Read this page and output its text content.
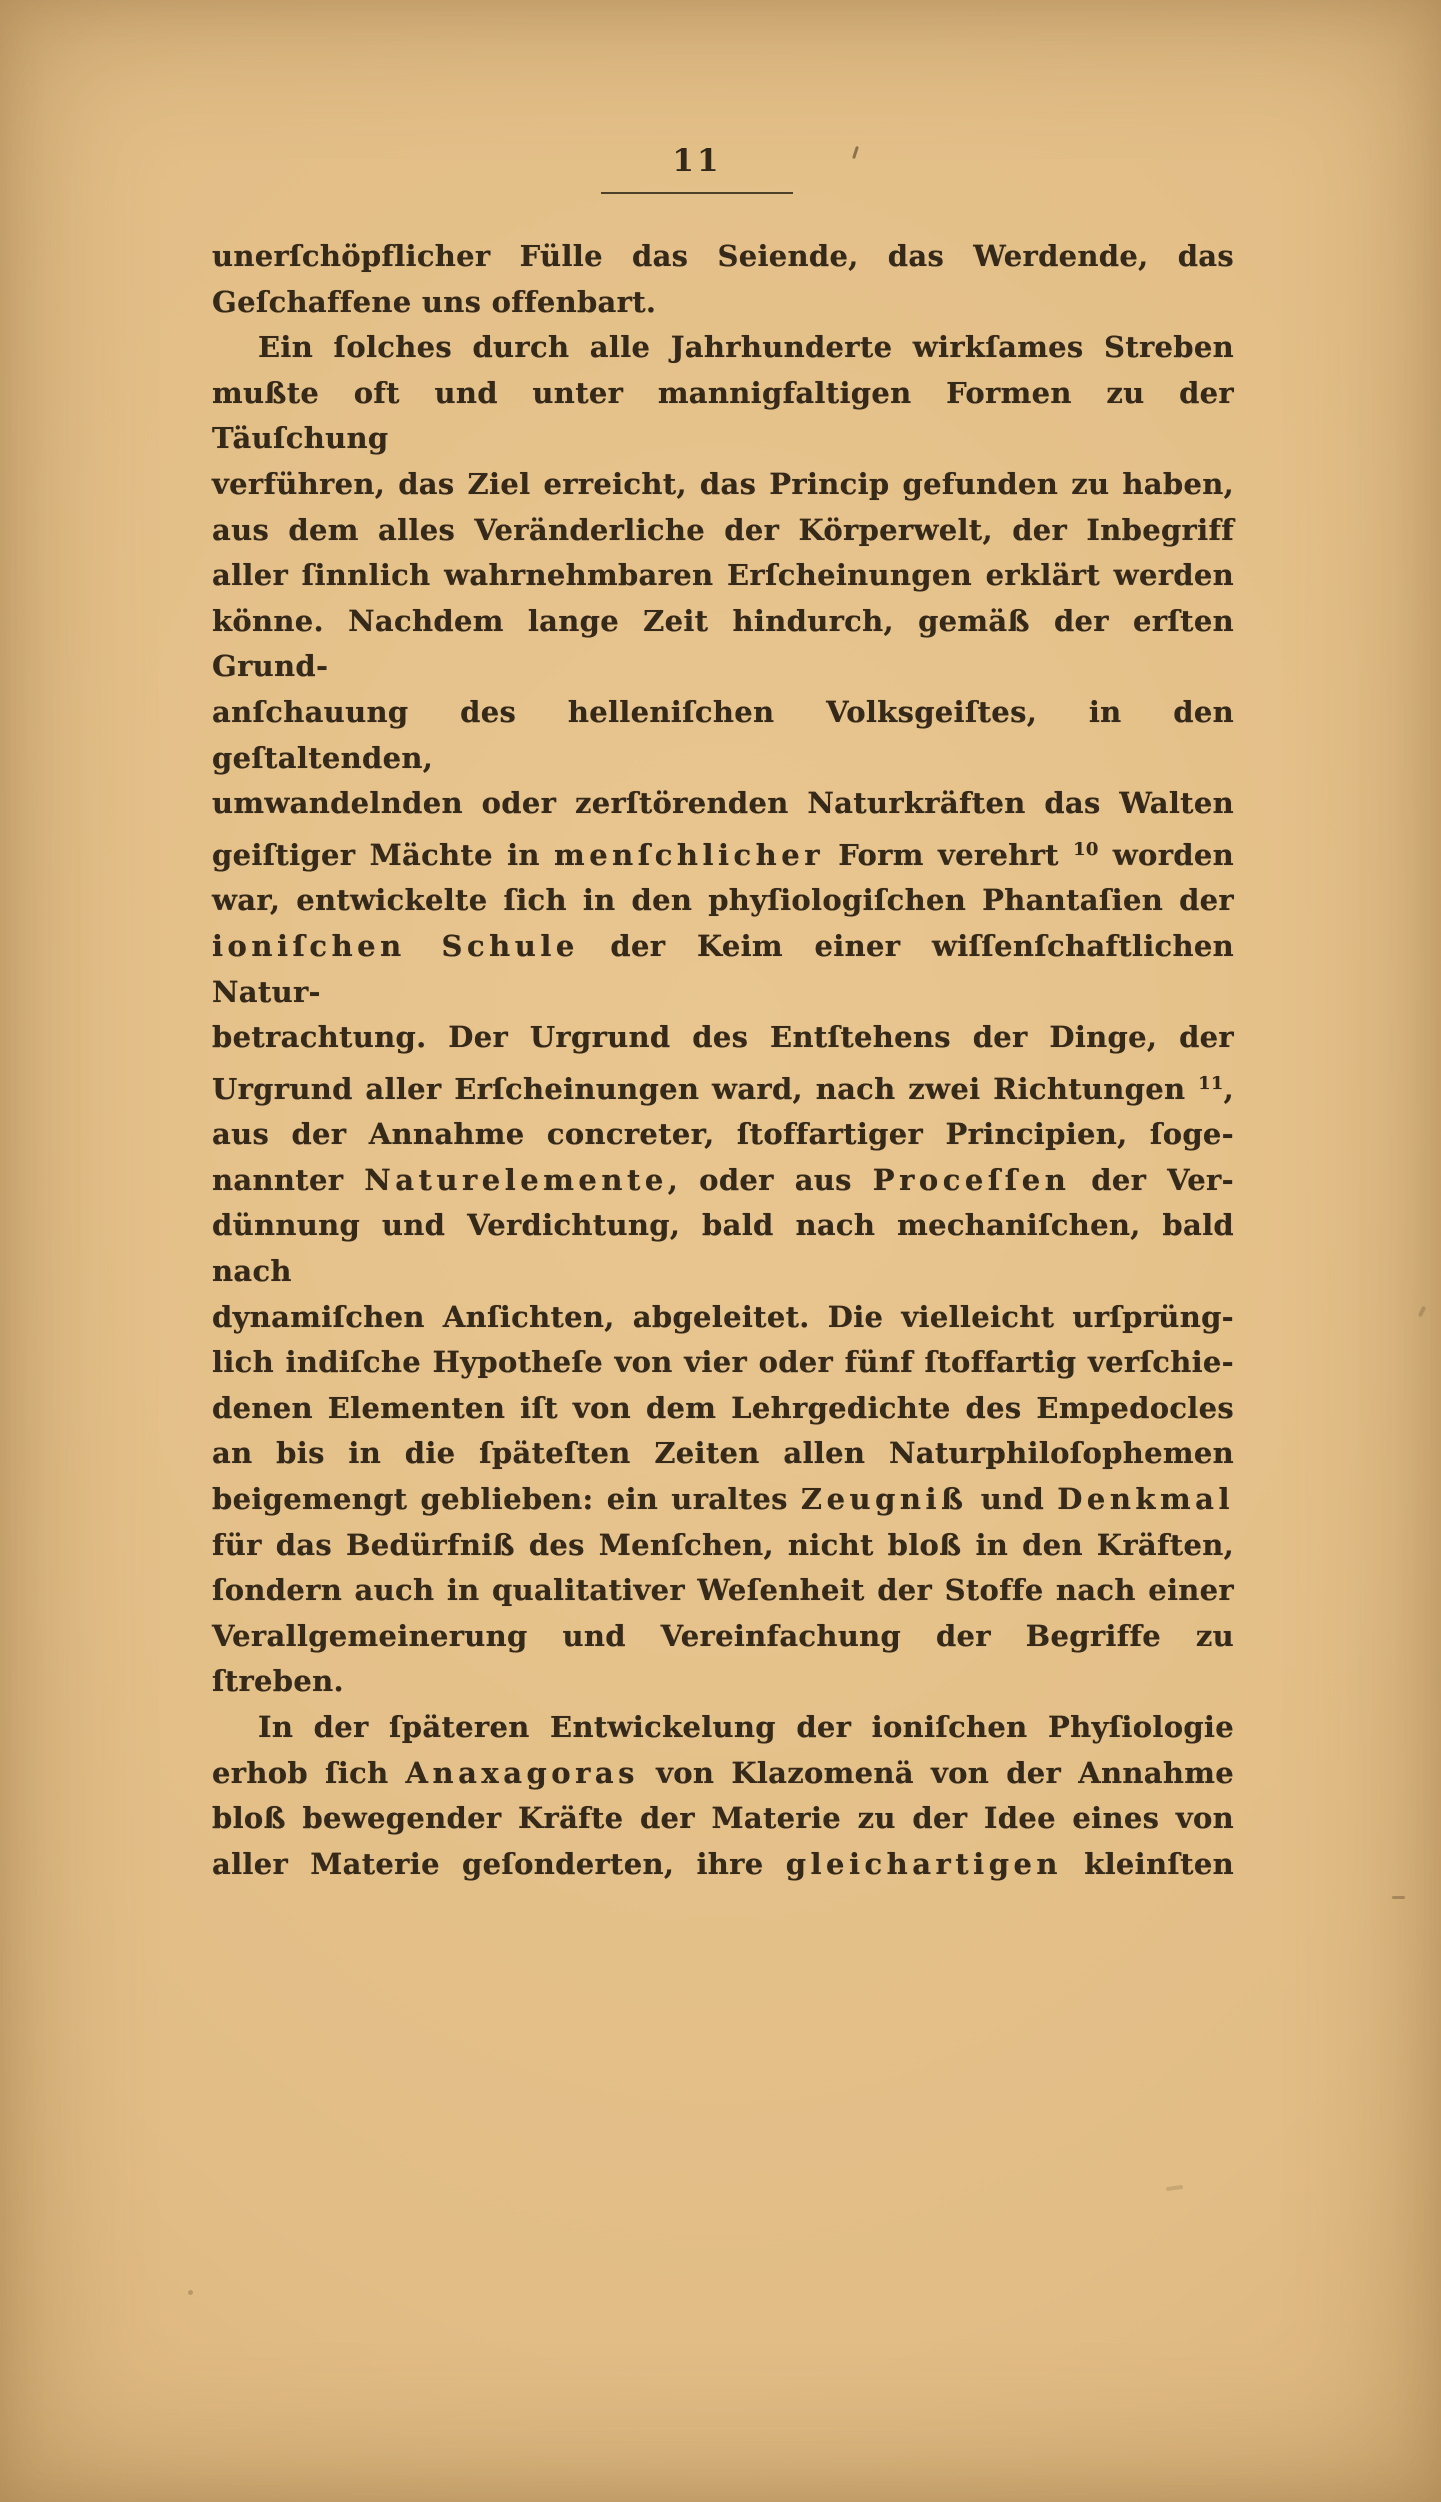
11
unerſchöpflicher Fülle das Seiende, das Werdende, das
Geſchaffene uns offenbart.
Ein ſolches durch alle Jahrhunderte wirkſames Streben
mußte oft und unter mannigfaltigen Formen zu der Täuſchung
verführen, das Ziel erreicht, das Princip gefunden zu haben,
aus dem alles Veränderliche der Körperwelt, der Inbegriff
aller ſinnlich wahrnehmbaren Erſcheinungen erklärt werden
könne. Nachdem lange Zeit hindurch, gemäß der erſten Grund-
anſchauung des helleniſchen Volksgeiſtes, in den geſtaltenden,
umwandelnden oder zerſtörenden Naturkräften das Walten
geiſtiger Mächte in menſchlicher Form verehrt $^{10}$ worden
war, entwickelte ſich in den phyſiologiſchen Phantaſien der
ioniſchen Schule der Keim einer wiſſenſchaftlichen Natur-
betrachtung. Der Urgrund des Entſtehens der Dinge, der
Urgrund aller Erſcheinungen ward, nach zwei Richtungen $^{11}$,
aus der Annahme concreter, ſtoffartiger Principien, ſoge-
nannter Naturelemente, oder aus Proceſſen der Ver-
dünnung und Verdichtung, bald nach mechaniſchen, bald nach
dynamiſchen Anſichten, abgeleitet. Die vielleicht urſprüng-
lich indiſche Hypotheſe von vier oder fünf ſtoffartig verſchie-
denen Elementen iſt von dem Lehrgedichte des Empedocles
an bis in die ſpäteſten Zeiten allen Naturphiloſophemen
beigemengt geblieben: ein uraltes Zeugniß und Denkmal
für das Bedürfniß des Menſchen, nicht bloß in den Kräften,
ſondern auch in qualitativer Weſenheit der Stoffe nach einer
Verallgemeinerung und Vereinfachung der Begriffe zu ſtreben.
In der ſpäteren Entwickelung der ioniſchen Phyſiologie
erhob ſich Anaxagoras von Klazomenä von der Annahme
bloß bewegender Kräfte der Materie zu der Idee eines von
aller Materie geſonderten, ihre gleichartigen kleinſten
